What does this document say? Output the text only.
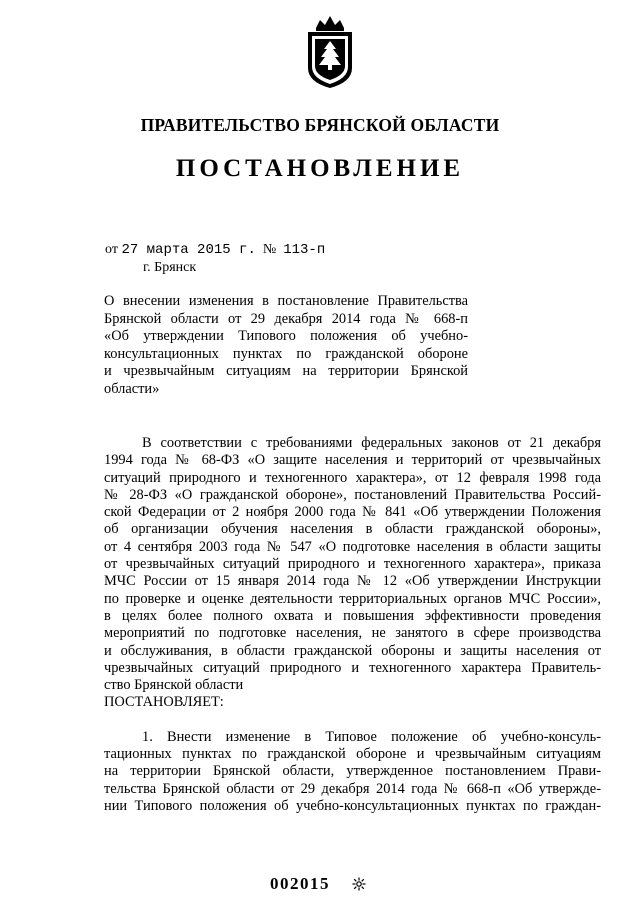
ПРАВИТЕЛЬСТВО БРЯНСКОЙ ОБЛАСТИ
ПОСТАНОВЛЕНИЕ
от 27 марта 2015 г. № 113-п
г. Брянск
О внесении изменения в постановление Правительства
Брянской области от 29 декабря 2014 года № 668-п
«Об утверждении Типового положения об учебно-
консультационных пунктах по гражданской обороне
и чрезвычайным ситуациям на территории Брянской
области»
В соответствии с требованиями федеральных законов от 21 декабря
1994 года № 68-ФЗ «О защите населения и территорий от чрезвычайных
ситуаций природного и техногенного характера», от 12 февраля 1998 года
№ 28-ФЗ «О гражданской обороне», постановлений Правительства Россий-
ской Федерации от 2 ноября 2000 года № 841 «Об утверждении Положения
об организации обучения населения в области гражданской обороны»,
от 4 сентября 2003 года № 547 «О подготовке населения в области защиты
от чрезвычайных ситуаций природного и техногенного характера», приказа
МЧС России от 15 января 2014 года № 12 «Об утверждении Инструкции
по проверке и оценке деятельности территориальных органов МЧС России»,
в целях более полного охвата и повышения эффективности проведения
мероприятий по подготовке населения, не занятого в сфере производства
и обслуживания, в области гражданской обороны и защиты населения от
чрезвычайных ситуаций природного и техногенного характера Правитель-
ство Брянской области
ПОСТАНОВЛЯЕТ:
1. Внести изменение в Типовое положение об учебно-консуль-
тационных пунктах по гражданской обороне и чрезвычайным ситуациям
на территории Брянской области, утвержденное постановлением Прави-
тельства Брянской области от 29 декабря 2014 года № 668-п «Об утвержде-
нии Типового положения об учебно-консультационных пунктах по граждан-
002015
